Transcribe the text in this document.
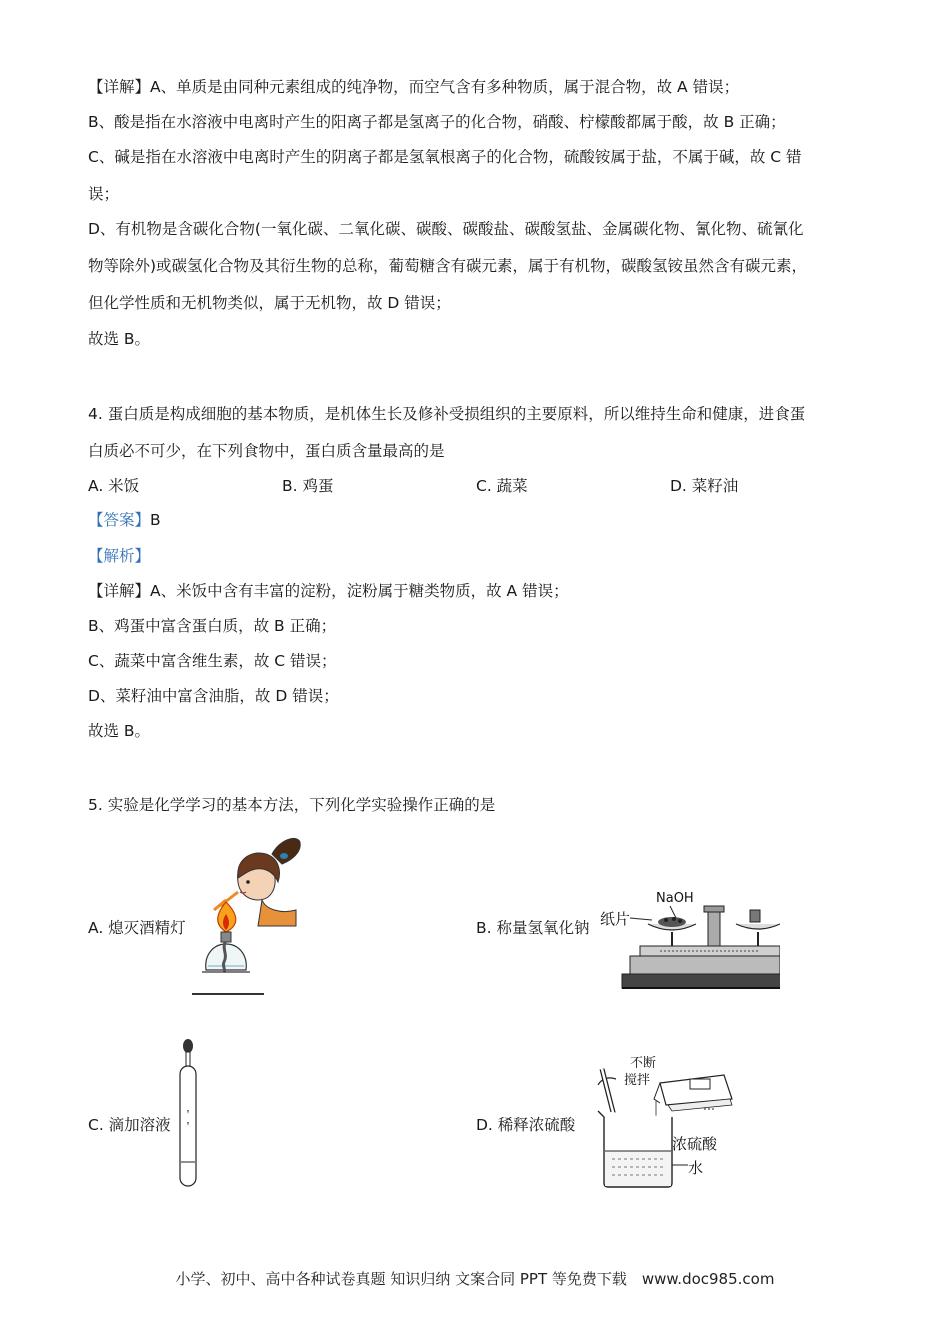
【详解】A、单质是由同种元素组成的纯净物，而空气含有多种物质，属于混合物，故 A 错误；
B、酸是指在水溶液中电离时产生的阳离子都是氢离子的化合物，硝酸、柠檬酸都属于酸，故 B 正确；
C、碱是指在水溶液中电离时产生的阴离子都是氢氧根离子的化合物，硫酸铵属于盐，不属于碱，故 C 错
误；
D、有机物是含碳化合物(一氧化碳、二氧化碳、碳酸、碳酸盐、碳酸氢盐、金属碳化物、氰化物、硫氰化
物等除外)或碳氢化合物及其衍生物的总称，葡萄糖含有碳元素，属于有机物，碳酸氢铵虽然含有碳元素，
但化学性质和无机物类似，属于无机物，故 D 错误；
故选 B。
4. 蛋白质是构成细胞的基本物质，是机体生长及修补受损组织的主要原料，所以维持生命和健康，进食蛋
白质必不可少，在下列食物中，蛋白质含量最高的是
A. 米饭	B. 鸡蛋	C. 蔬菜	D. 菜籽油
【答案】B
【解析】
【详解】A、米饭中含有丰富的淀粉，淀粉属于糖类物质，故 A 错误；
B、鸡蛋中富含蛋白质，故 B 正确；
C、蔬菜中富含维生素，故 C 错误；
D、菜籽油中富含油脂，故 D 错误；
故选 B。
5. 实验是化学学习的基本方法，下列化学实验操作正确的是
A. 熄灭酒精灯	B. 称量氢氧化钠
C. 滴加溶液	D. 稀释浓硫酸
NaOH
纸片
不断
搅拌
浓硫酸
水
小学、初中、高中各种试卷真题 知识归纳 文案合同 PPT 等免费下载　www.doc985.com
